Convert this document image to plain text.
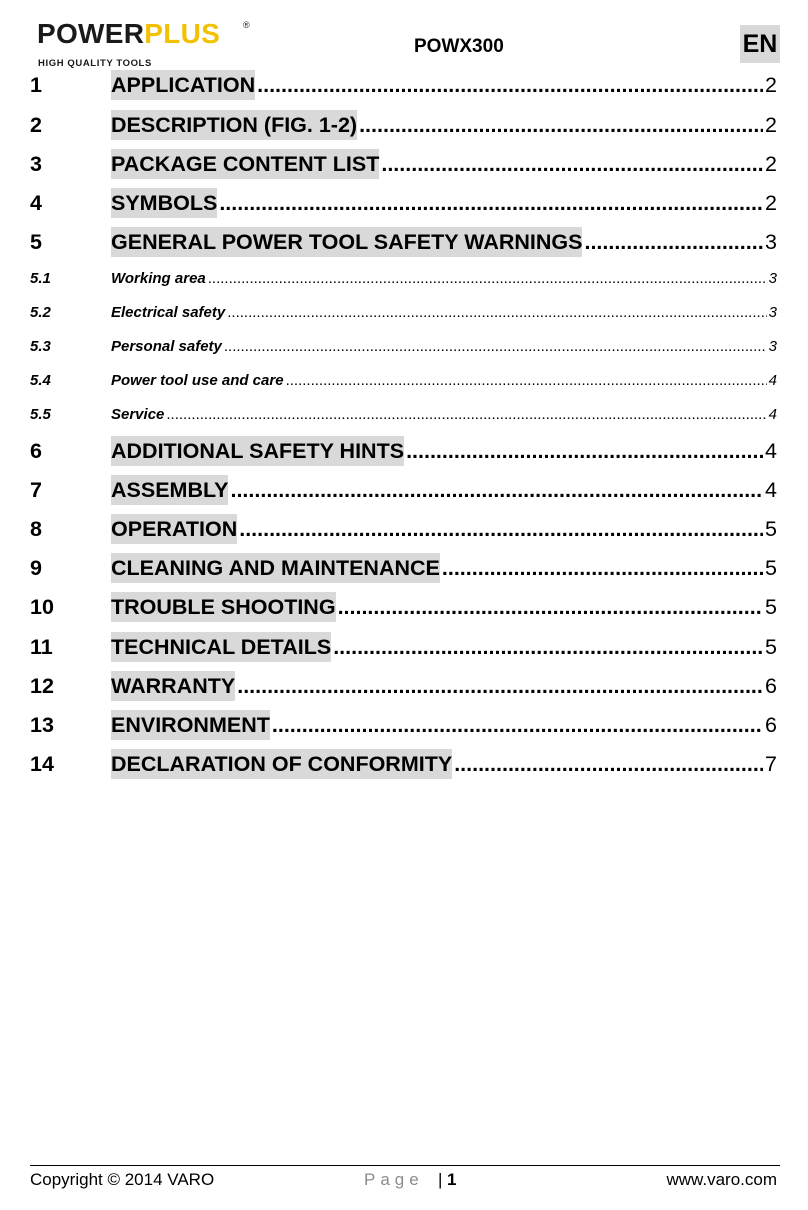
POWERPLUS	®
HIGH QUALITY TOOLS
POWX300	EN
1	APPLICATION .....	2
2	DESCRIPTION (FIG. 1-2) .....	2
3	PACKAGE CONTENT LIST .....	2
4	SYMBOLS .....	2
5	GENERAL POWER TOOL SAFETY WARNINGS .....	3
5.1	Working area .....	3
5.2	Electrical safety .....	3
5.3	Personal safety .....	3
5.4	Power tool use and care .....	4
5.5	Service .....	4
6	ADDITIONAL SAFETY HINTS .....	4
7	ASSEMBLY .....	4
8	OPERATION .....	5
9	CLEANING AND MAINTENANCE .....	5
10	TROUBLE SHOOTING .....	5
11	TECHNICAL DETAILS .....	5
12	WARRANTY .....	6
13	ENVIRONMENT .....	6
14	DECLARATION OF CONFORMITY .....	7
Copyright © 2014 VARO	Page | 1	www.varo.com
